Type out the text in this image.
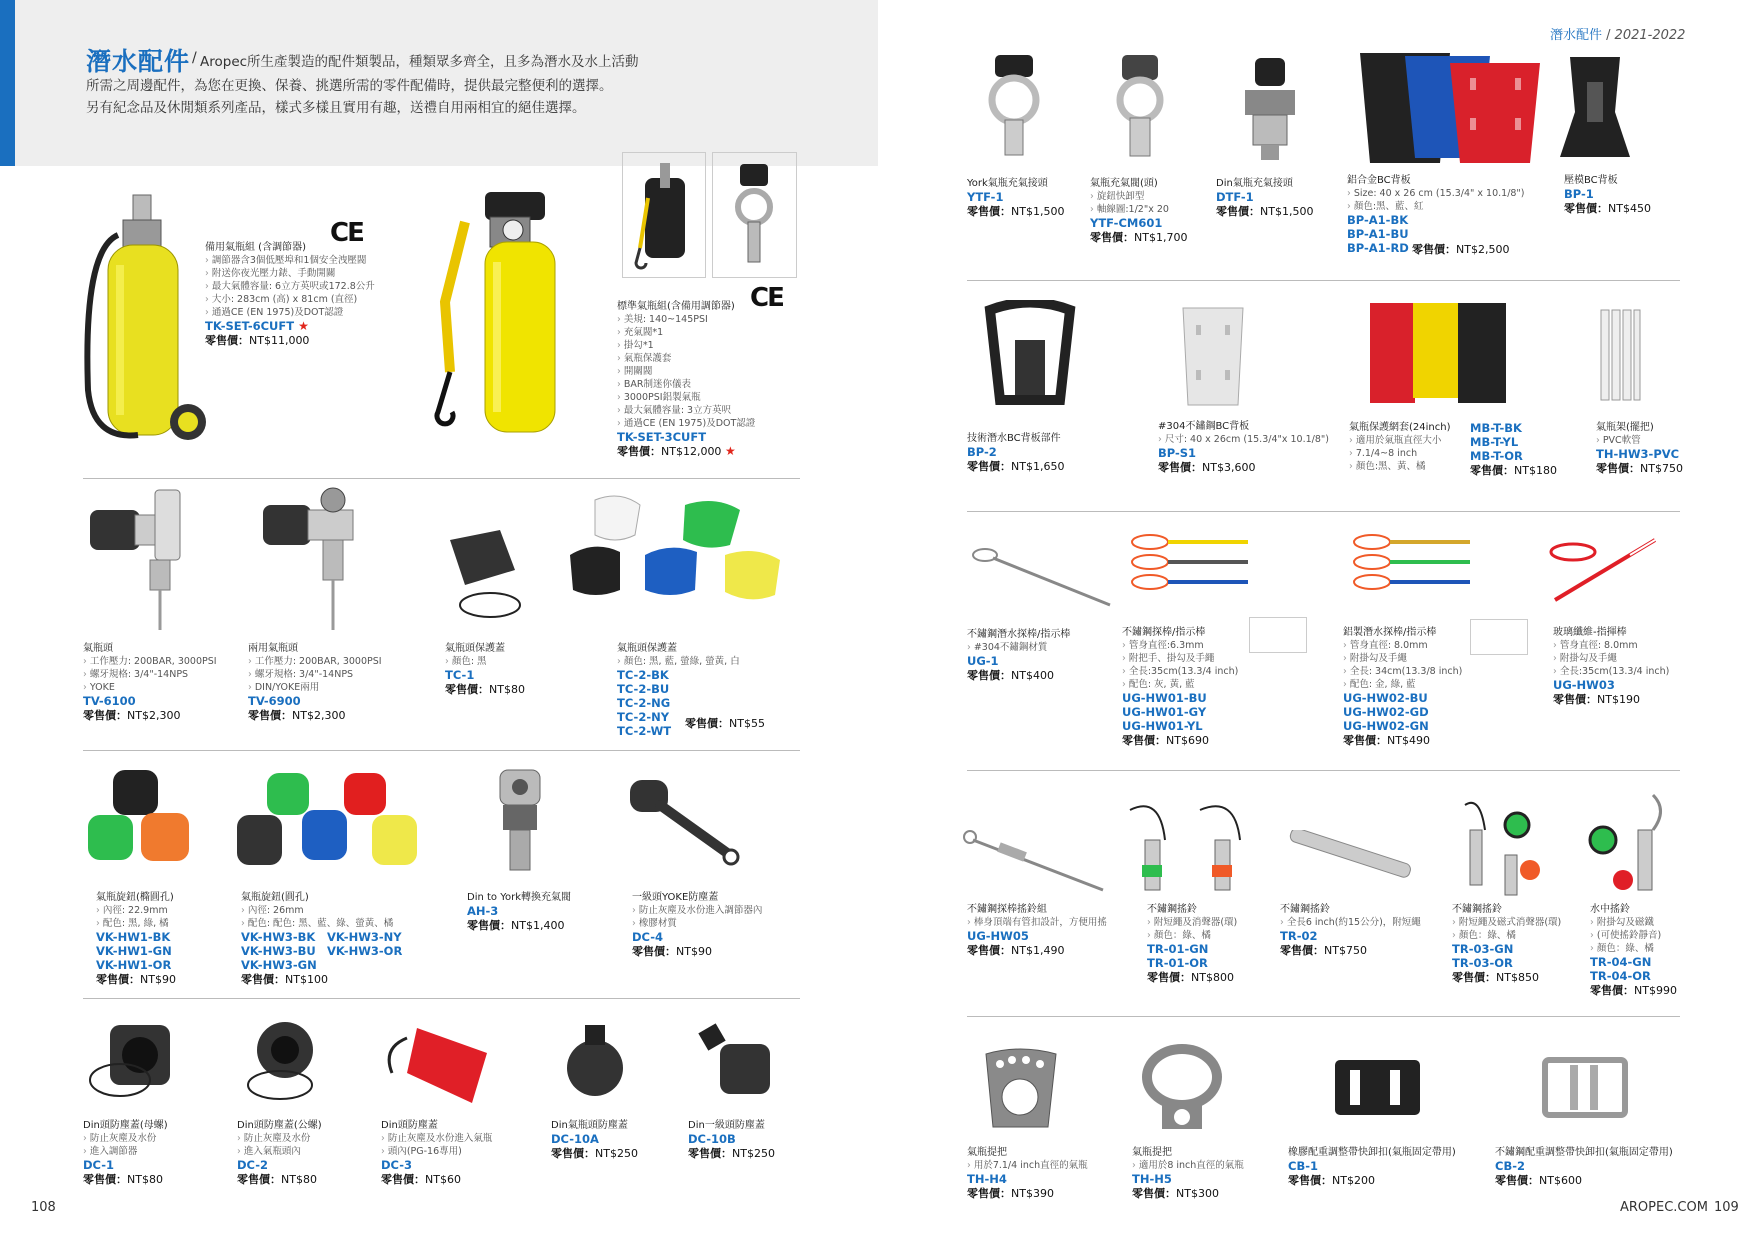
潛水配件 / Aropec所生產製造的配件類製品，種類眾多齊全，且多為潛水及水上活動
所需之周邊配件，為您在更換、保養、挑選所需的零件配備時，提供最完整便利的選擇。
另有紀念品及休閒類系列產品，樣式多樣且實用有趣，送禮自用兩相宜的絕佳選擇。
潛水配件 / 2021-2022
108	AROPEC.COM 109
CE
備用氣瓶組 (含調節器)
› 調節器含3個低壓埠和1個安全洩壓閥
› 附送你夜光壓力錶、手動開關
› 最大氣體容量: 6立方英呎或172.8公升
› 大小: 283cm (高) x 81cm (直徑)
› 通過CE (EN 1975)及DOT認證
TK-SET-6CUFT ★
零售價：NT$11,000
CE
標準氣瓶組(含備用調節器)
› 美規: 140~145PSI
› 充氣閥*1
› 掛勾*1
› 氣瓶保護套
› 開關閥
› BAR制迷你儀表
› 3000PSI鋁製氣瓶
› 最大氣體容量: 3立方英呎
› 通過CE (EN 1975)及DOT認證
TK-SET-3CUFT
零售價：NT$12,000 ★
氣瓶頭
› 工作壓力: 200BAR, 3000PSI
› 螺牙規格: 3/4"-14NPS
› YOKE
TV-6100
零售價：NT$2,300
兩用氣瓶頭
› 工作壓力: 200BAR, 3000PSI
› 螺牙規格: 3/4"-14NPS
› DIN/YOKE兩用
TV-6900
零售價：NT$2,300
氣瓶頭保護蓋
› 顏色: 黑
TC-1
零售價：NT$80
氣瓶頭保護蓋
› 顏色: 黑, 藍, 螢綠, 螢黃, 白
TC-2-BK
TC-2-BU
TC-2-NG
TC-2-NY
TC-2-WT
零售價：NT$55
氣瓶旋鈕(橢圓孔)
› 內徑: 22.9mm
› 配色: 黑, 綠, 橘
VK-HW1-BK
VK-HW1-GN
VK-HW1-OR
零售價：NT$90
氣瓶旋鈕(圓孔)
› 內徑: 26mm
› 配色: 配色: 黑、藍、綠、螢黃、橘
VK-HW3-BK
VK-HW3-BU
VK-HW3-GN
零售價：NT$100
VK-HW3-NY
VK-HW3-OR
Din to York轉換充氣閥
AH-3
零售價：NT$1,400
一級頭YOKE防塵蓋
› 防止灰塵及水份進入調節器內
› 橡膠材質
DC-4
零售價：NT$90
Din頭防塵蓋(母螺)
› 防止灰塵及水份
› 進入調節器
DC-1
零售價：NT$80
Din頭防塵蓋(公螺)
› 防止灰塵及水份
› 進入氣瓶頭內
DC-2
零售價：NT$80
Din頭防塵蓋
› 防止灰塵及水份進入氣瓶
› 頭內(PG-16專用)
DC-3
零售價：NT$60
Din氣瓶頭防塵蓋
DC-10A
零售價：NT$250
Din一級頭防塵蓋
DC-10B
零售價：NT$250
York氣瓶充氣接頭
YTF-1
零售價：NT$1,500
氣瓶充氣閥(頭)
› 旋鈕快卸型
› 軸線圖:1/2"x 20
YTF-CM601
零售價：NT$1,700
Din氣瓶充氣接頭
DTF-1
零售價：NT$1,500
鋁合金BC背板
› Size: 40 x 26 cm (15.3/4" x 10.1/8")
› 顏色:黑、藍、紅
BP-A1-BK
BP-A1-BU
BP-A1-RD 零售價：NT$2,500
壓模BC背板
BP-1
零售價：NT$450
技術潛水BC背板部件
BP-2
零售價：NT$1,650
#304不鏽鋼BC背板
› 尺寸: 40 x 26cm (15.3/4"x 10.1/8")
BP-S1
零售價：NT$3,600
氣瓶保護網套(24inch)
› 適用於氣瓶直徑大小
› 7.1/4~8 inch
› 顏色:黑、黃、橘
MB-T-BK
MB-T-YL
MB-T-OR
零售價：NT$180
氣瓶架(擺把)
› PVC軟管
TH-HW3-PVC
零售價：NT$750
不鏽鋼潛水探棒/指示棒
› #304不鏽鋼材質
UG-1
零售價：NT$400
不鏽鋼探棒/指示棒
› 管身直徑:6.3mm
› 附把手、掛勾及手繩
› 全長:35cm(13.3/4 inch)
› 配色: 灰, 黃, 藍
UG-HW01-BU
UG-HW01-GY
UG-HW01-YL
零售價：NT$690
鋁製潛水探棒/指示棒
› 管身直徑: 8.0mm
› 附掛勾及手繩
› 全長: 34cm(13.3/8 inch)
› 配色: 金, 綠, 藍
UG-HW02-BU
UG-HW02-GD
UG-HW02-GN
零售價：NT$490
玻璃纖維-指揮棒
› 管身直徑: 8.0mm
› 附掛勾及手繩
› 全長:35cm(13.3/4 inch)
UG-HW03
零售價：NT$190
不鏽鋼探棒搖鈴組
› 棒身頂端有管扣設計，方便用搖
UG-HW05
零售價：NT$1,490
不鏽鋼搖鈴
› 附短繩及消聲器(環)
› 顏色：綠、橘
TR-01-GN
TR-01-OR
零售價：NT$800
不鏽鋼搖鈴
› 全長6 inch(約15公分)，附短繩
TR-02
零售價：NT$750
不鏽鋼搖鈴
› 附短繩及磁式消聲器(環)
› 顏色：綠、橘
TR-03-GN
TR-03-OR
零售價：NT$850
水中搖鈴
› 附掛勾及磁鐵
› (可使搖鈴靜音)
› 顏色：綠、橘
TR-04-GN
TR-04-OR
零售價：NT$990
氣瓶提把
› 用於7.1/4 inch直徑的氣瓶
TH-H4
零售價：NT$390
氣瓶提把
› 適用於8 inch直徑的氣瓶
TH-H5
零售價：NT$300
橡膠配重調整帶快卸扣(氣瓶固定帶用)
CB-1
零售價：NT$200
不鏽鋼配重調整帶快卸扣(氣瓶固定帶用)
CB-2
零售價：NT$600
